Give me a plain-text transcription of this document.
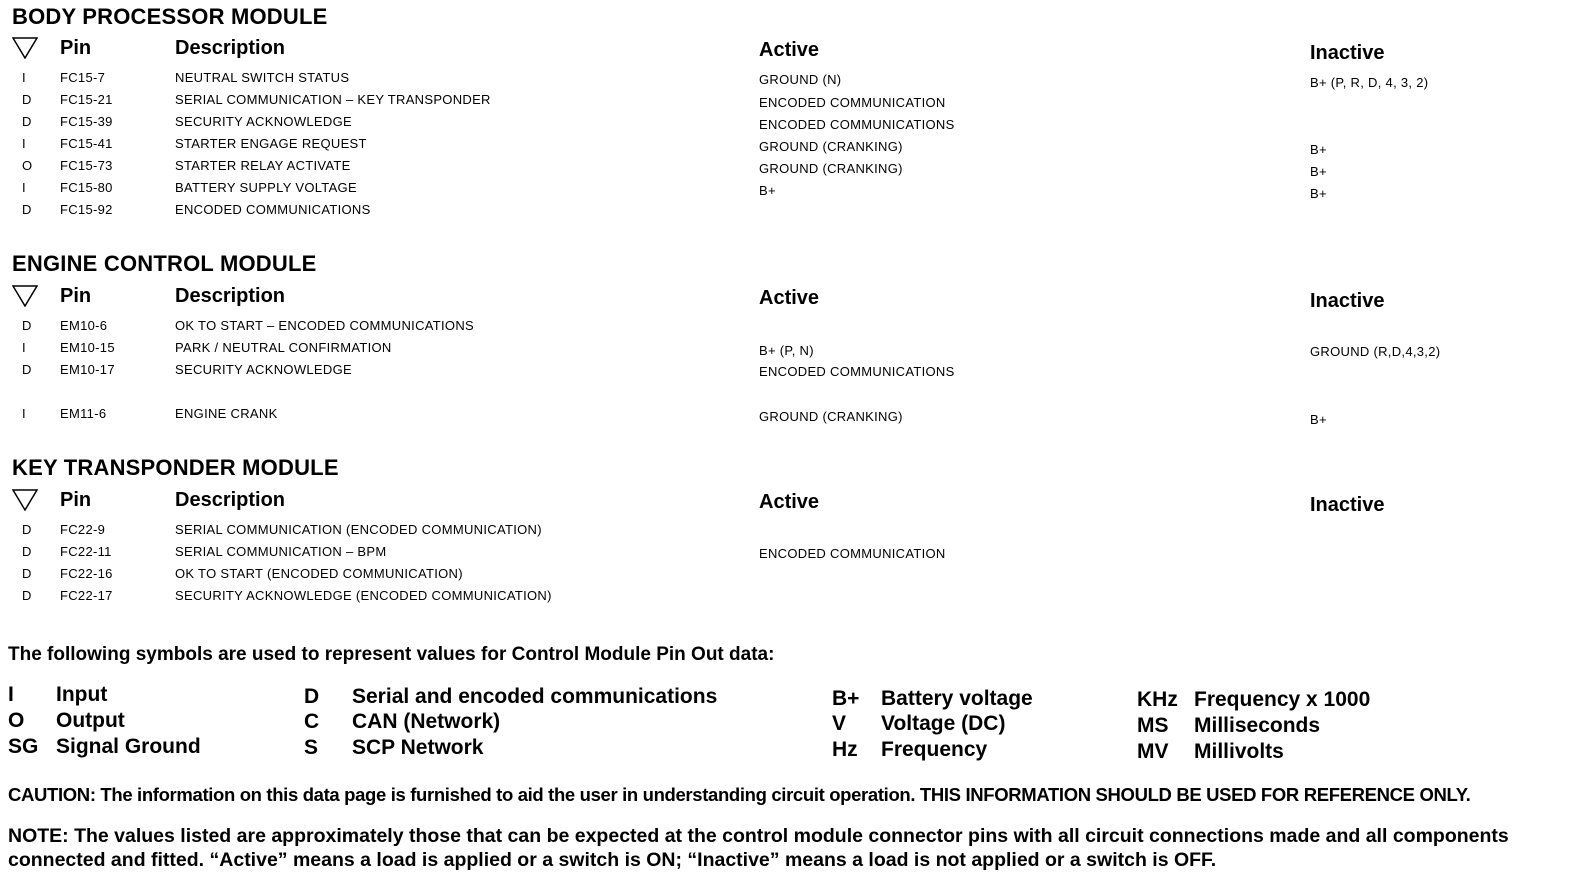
BODY PROCESSOR MODULE
Pin	Description	Active	Inactive
I	FC15-7	NEUTRAL SWITCH STATUS	GROUND (N)	B+ (P, R, D, 4, 3, 2)
D FC15-21	SERIAL COMMUNICATION – KEY TRANSPONDER	ENCODED COMMUNICATION
D FC15-39	SECURITY ACKNOWLEDGE	ENCODED COMMUNICATIONS
I	FC15-41	STARTER ENGAGE REQUEST	GROUND (CRANKING)	B+
O FC15-73	STARTER RELAY ACTIVATE	GROUND (CRANKING)	B+
I	FC15-80	BATTERY SUPPLY VOLTAGE	B+	B+
D FC15-92	ENCODED COMMUNICATIONS
ENGINE CONTROL MODULE
Pin	Description	Active	Inactive
D EM10-6	OK TO START – ENCODED COMMUNICATIONS
I	EM10-15	PARK / NEUTRAL CONFIRMATION	B+ (P, N)	GROUND (R,D,4,3,2)
D EM10-17	SECURITY ACKNOWLEDGE	ENCODED COMMUNICATIONS
I	EM11-6	ENGINE CRANK	GROUND (CRANKING)	B+
KEY TRANSPONDER MODULE
Pin	Description	Active	Inactive
D FC22-9	SERIAL COMMUNICATION (ENCODED COMMUNICATION)
D FC22-11	SERIAL COMMUNICATION – BPM	ENCODED COMMUNICATION
D FC22-16	OK TO START (ENCODED COMMUNICATION)
D FC22-17	SECURITY ACKNOWLEDGE (ENCODED COMMUNICATION)
The following symbols are used to represent values for Control Module Pin Out data:
I Input
O Output
SG Signal Ground
D Serial and encoded communications
C CAN (Network)
S SCP Network
B+ Battery voltage
V Voltage (DC)
Hz Frequency
KHz Frequency x 1000
MS Milliseconds
MV Millivolts
CAUTION: The information on this data page is furnished to aid the user in understanding circuit operation. THIS INFORMATION SHOULD BE USED FOR REFERENCE ONLY.
NOTE: The values listed are approximately those that can be expected at the control module connector pins with all circuit connections made and all components connected and fitted. “Active” means a load is applied or a switch is ON; “Inactive” means a load is not applied or a switch is OFF.
